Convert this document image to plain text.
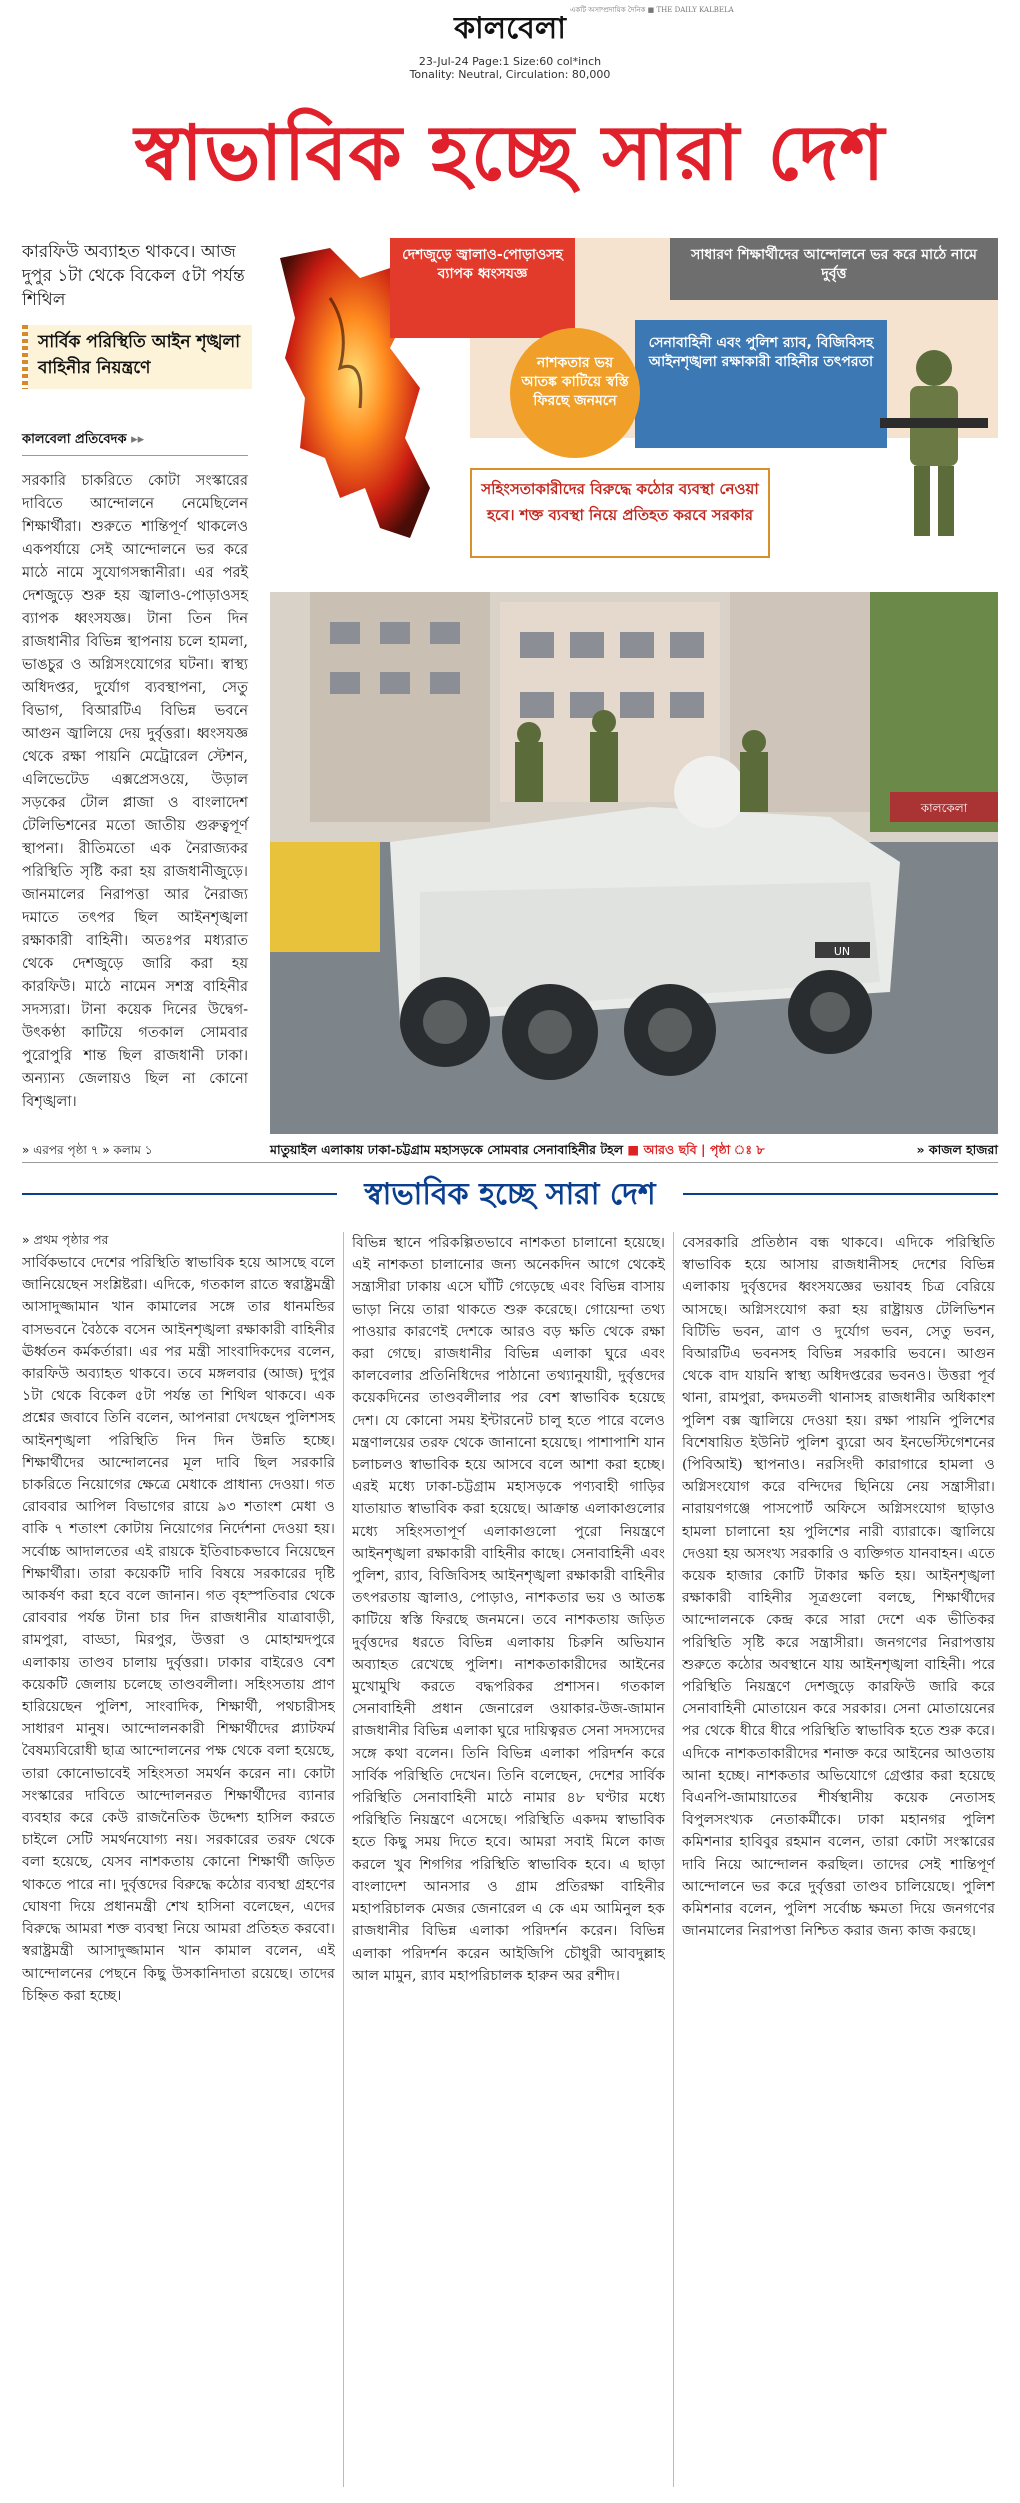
কালবেলা
একটি অসাম্প্রদায়িক দৈনিক ■ THE DAILY KALBELA
23-Jul-24 Page:1 Size:60 col*inch
Tonality: Neutral, Circulation: 80,000
স্বাভাবিক হচ্ছে সারা দেশ
কারফিউ অব্যাহত থাকবে। আজ দুপুর ১টা থেকে বিকেল ৫টা পর্যন্ত শিথিল
সার্বিক পরিস্থিতি আইন শৃঙ্খলা বাহিনীর নিয়ন্ত্রণে
কালবেলা প্রতিবেদক ▸▸
সরকারি চাকরিতে কোটা সংস্কারের দাবিতে আন্দোলনে নেমেছিলেন শিক্ষার্থীরা। শুরুতে শান্তিপূর্ণ থাকলেও একপর্যায়ে সেই আন্দোলনে ভর করে মাঠে নামে সুযোগসন্ধানীরা। এর পরই দেশজুড়ে শুরু হয় জ্বালাও-পোড়াওসহ ব্যাপক ধ্বংসযজ্ঞ। টানা তিন দিন রাজধানীর বিভিন্ন স্থাপনায় চলে হামলা, ভাঙচুর ও অগ্নিসংযোগের ঘটনা। স্বাস্থ্য অধিদপ্তর, দুর্যোগ ব্যবস্থাপনা, সেতু বিভাগ, বিআরটিএ বিভিন্ন ভবনে আগুন জ্বালিয়ে দেয় দুর্বৃত্তরা। ধ্বংসযজ্ঞ থেকে রক্ষা পায়নি মেট্রোরেল স্টেশন, এলিভেটেড এক্সপ্রেসওয়ে, উড়াল সড়কের টোল প্লাজা ও বাংলাদেশ টেলিভিশনের মতো জাতীয় গুরুত্বপূর্ণ স্থাপনা। রীতিমতো এক নৈরাজ্যকর পরিস্থিতি সৃষ্টি করা হয় রাজধানীজুড়ে। জানমালের নিরাপত্তা আর নৈরাজ্য দমাতে তৎপর ছিল আইনশৃঙ্খলা রক্ষাকারী বাহিনী। অতঃপর মধ্যরাত থেকে দেশজুড়ে জারি করা হয় কারফিউ। মাঠে নামেন সশস্ত্র বাহিনীর সদস্যরা। টানা কয়েক দিনের উদ্বেগ-উৎকণ্ঠা কাটিয়ে গতকাল সোমবার পুরোপুরি শান্ত ছিল রাজধানী ঢাকা। অন্যান্য জেলায়ও ছিল না কোনো বিশৃঙ্খলা।
দেশজুড়ে জ্বালাও-পোড়াওসহ ব্যাপক ধ্বংসযজ্ঞ
সাধারণ শিক্ষার্থীদের আন্দোলনে ভর করে মাঠে নামে দুর্বৃত্ত
সেনাবাহিনী এবং পুলিশ র‍্যাব, বিজিবিসহ আইনশৃঙ্খলা রক্ষাকারী বাহিনীর তৎপরতা
নাশকতার ভয় আতঙ্ক কাটিয়ে স্বস্তি ফিরছে জনমনে
সহিংসতাকারীদের বিরুদ্ধে কঠোর ব্যবস্থা নেওয়া হবে। শক্ত ব্যবস্থা নিয়ে প্রতিহত করবে সরকার
কালকেলা
UN
» এরপর পৃষ্ঠা ৭ » কলাম ১	মাতুয়াইল এলাকায় ঢাকা-চট্টগ্রাম মহাসড়কে সোমবার সেনাবাহিনীর টহল ■ আরও ছবি | পৃষ্ঠা ঃ ৮	» কাজল হাজরা
স্বাভাবিক হচ্ছে সারা দেশ
» প্রথম পৃষ্ঠার পর
সার্বিকভাবে দেশের পরিস্থিতি স্বাভাবিক হয়ে আসছে বলে জানিয়েছেন সংশ্লিষ্টরা। এদিকে, গতকাল রাতে স্বরাষ্ট্রমন্ত্রী আসাদুজ্জামান খান কামালের সঙ্গে তার ধানমন্ডির বাসভবনে বৈঠকে বসেন আইনশৃঙ্খলা রক্ষাকারী বাহিনীর ঊর্ধ্বতন কর্মকর্তারা। এর পর মন্ত্রী সাংবাদিকদের বলেন, কারফিউ অব্যাহত থাকবে। তবে মঙ্গলবার (আজ) দুপুর ১টা থেকে বিকেল ৫টা পর্যন্ত তা শিথিল থাকবে। এক প্রশ্নের জবাবে তিনি বলেন, আপনারা দেখছেন পুলিশসহ আইনশৃঙ্খলা পরিস্থিতি দিন দিন উন্নতি হচ্ছে। শিক্ষার্থীদের আন্দোলনের মূল দাবি ছিল সরকারি চাকরিতে নিয়োগের ক্ষেত্রে মেধাকে প্রাধান্য দেওয়া। গত রোববার আপিল বিভাগের রায়ে ৯৩ শতাংশ মেধা ও বাকি ৭ শতাংশ কোটায় নিয়োগের নির্দেশনা দেওয়া হয়। সর্বোচ্চ আদালতের এই রায়কে ইতিবাচকভাবে নিয়েছেন শিক্ষার্থীরা। তারা কয়েকটি দাবি বিষয়ে সরকারের দৃষ্টি আকর্ষণ করা হবে বলে জানান। গত বৃহস্পতিবার থেকে রোববার পর্যন্ত টানা চার দিন রাজধানীর যাত্রাবাড়ী, রামপুরা, বাড্ডা, মিরপুর, উত্তরা ও মোহাম্মদপুরে এলাকায় তাণ্ডব চালায় দুর্বৃত্তরা। ঢাকার বাইরেও বেশ কয়েকটি জেলায় চলেছে তাণ্ডবলীলা। সহিংসতায় প্রাণ হারিয়েছেন পুলিশ, সাংবাদিক, শিক্ষার্থী, পথচারীসহ সাধারণ মানুষ। আন্দোলনকারী শিক্ষার্থীদের প্ল্যাটফর্ম বৈষম্যবিরোধী ছাত্র আন্দোলনের পক্ষ থেকে বলা হয়েছে, তারা কোনোভাবেই সহিংসতা সমর্থন করেন না। কোটা সংস্কারের দাবিতে আন্দোলনরত শিক্ষার্থীদের ব্যানার ব্যবহার করে কেউ রাজনৈতিক উদ্দেশ্য হাসিল করতে চাইলে সেটি সমর্থনযোগ্য নয়। সরকারের তরফ থেকে বলা হয়েছে, যেসব নাশকতায় কোনো শিক্ষার্থী জড়িত থাকতে পারে না। দুর্বৃত্তদের বিরুদ্ধে কঠোর ব্যবস্থা গ্রহণের ঘোষণা দিয়ে প্রধানমন্ত্রী শেখ হাসিনা বলেছেন, এদের বিরুদ্ধে আমরা শক্ত ব্যবস্থা নিয়ে আমরা প্রতিহত করবো। স্বরাষ্ট্রমন্ত্রী আসাদুজ্জামান খান কামাল বলেন, এই আন্দোলনের পেছনে কিছু উসকানিদাতা রয়েছে। তাদের চিহ্নিত করা হচ্ছে।
বিভিন্ন স্থানে পরিকল্পিতভাবে নাশকতা চালানো হয়েছে। এই নাশকতা চালানোর জন্য অনেকদিন আগে থেকেই সন্ত্রাসীরা ঢাকায় এসে ঘাঁটি গেড়েছে এবং বিভিন্ন বাসায় ভাড়া নিয়ে তারা থাকতে শুরু করেছে। গোয়েন্দা তথ্য পাওয়ার কারণেই দেশকে আরও বড় ক্ষতি থেকে রক্ষা করা গেছে। রাজধানীর বিভিন্ন এলাকা ঘুরে এবং কালবেলার প্রতিনিধিদের পাঠানো তথ্যানুযায়ী, দুর্বৃত্তদের কয়েকদিনের তাণ্ডবলীলার পর বেশ স্বাভাবিক হয়েছে দেশ। যে কোনো সময় ইন্টারনেট চালু হতে পারে বলেও মন্ত্রণালয়ের তরফ থেকে জানানো হয়েছে। পাশাপাশি যান চলাচলও স্বাভাবিক হয়ে আসবে বলে আশা করা হচ্ছে। এরই মধ্যে ঢাকা-চট্টগ্রাম মহাসড়কে পণ্যবাহী গাড়ির যাতায়াত স্বাভাবিক করা হয়েছে। আক্রান্ত এলাকাগুলোর মধ্যে সহিংসতাপূর্ণ এলাকাগুলো পুরো নিয়ন্ত্রণে আইনশৃঙ্খলা রক্ষাকারী বাহিনীর কাছে। সেনাবাহিনী এবং পুলিশ, র‍্যাব, বিজিবিসহ আইনশৃঙ্খলা রক্ষাকারী বাহিনীর তৎপরতায় জ্বালাও, পোড়াও, নাশকতার ভয় ও আতঙ্ক কাটিয়ে স্বস্তি ফিরছে জনমনে। তবে নাশকতায় জড়িত দুর্বৃত্তদের ধরতে বিভিন্ন এলাকায় চিরুনি অভিযান অব্যাহত রেখেছে পুলিশ। নাশকতাকারীদের আইনের মুখোমুখি করতে বদ্ধপরিকর প্রশাসন। গতকাল সেনাবাহিনী প্রধান জেনারেল ওয়াকার-উজ-জামান রাজধানীর বিভিন্ন এলাকা ঘুরে দায়িত্বরত সেনা সদস্যদের সঙ্গে কথা বলেন। তিনি বিভিন্ন এলাকা পরিদর্শন করে সার্বিক পরিস্থিতি দেখেন। তিনি বলেছেন, দেশের সার্বিক পরিস্থিতি সেনাবাহিনী মাঠে নামার ৪৮ ঘণ্টার মধ্যে পরিস্থিতি নিয়ন্ত্রণে এসেছে। পরিস্থিতি একদম স্বাভাবিক হতে কিছু সময় দিতে হবে। আমরা সবাই মিলে কাজ করলে খুব শিগগির পরিস্থিতি স্বাভাবিক হবে। এ ছাড়া বাংলাদেশ আনসার ও গ্রাম প্রতিরক্ষা বাহিনীর মহাপরিচালক মেজর জেনারেল এ কে এম আমিনুল হক রাজধানীর বিভিন্ন এলাকা পরিদর্শন করেন। বিভিন্ন এলাকা পরিদর্শন করেন আইজিপি চৌধুরী আবদুল্লাহ আল মামুন, র‍্যাব মহাপরিচালক হারুন অর রশীদ।
বেসরকারি প্রতিষ্ঠান বন্ধ থাকবে। এদিকে পরিস্থিতি স্বাভাবিক হয়ে আসায় রাজধানীসহ দেশের বিভিন্ন এলাকায় দুর্বৃত্তদের ধ্বংসযজ্ঞের ভয়াবহ চিত্র বেরিয়ে আসছে। অগ্নিসংযোগ করা হয় রাষ্ট্রায়ত্ত টেলিভিশন বিটিভি ভবন, ত্রাণ ও দুর্যোগ ভবন, সেতু ভবন, বিআরটিএ ভবনসহ বিভিন্ন সরকারি ভবনে। আগুন থেকে বাদ যায়নি স্বাস্থ্য অধিদপ্তরের ভবনও। উত্তরা পূর্ব থানা, রামপুরা, কদমতলী থানাসহ রাজধানীর অধিকাংশ পুলিশ বক্স জ্বালিয়ে দেওয়া হয়। রক্ষা পায়নি পুলিশের বিশেষায়িত ইউনিট পুলিশ ব্যুরো অব ইনভেস্টিগেশনের (পিবিআই) স্থাপনাও। নরসিংদী কারাগারে হামলা ও অগ্নিসংযোগ করে বন্দিদের ছিনিয়ে নেয় সন্ত্রাসীরা। নারায়ণগঞ্জে পাসপোর্ট অফিসে অগ্নিসংযোগ ছাড়াও হামলা চালানো হয় পুলিশের নারী ব্যারাকে। জ্বালিয়ে দেওয়া হয় অসংখ্য সরকারি ও ব্যক্তিগত যানবাহন। এতে কয়েক হাজার কোটি টাকার ক্ষতি হয়। আইনশৃঙ্খলা রক্ষাকারী বাহিনীর সূত্রগুলো বলছে, শিক্ষার্থীদের আন্দোলনকে কেন্দ্র করে সারা দেশে এক ভীতিকর পরিস্থিতি সৃষ্টি করে সন্ত্রাসীরা। জনগণের নিরাপত্তায় শুরুতে কঠোর অবস্থানে যায় আইনশৃঙ্খলা বাহিনী। পরে পরিস্থিতি নিয়ন্ত্রণে দেশজুড়ে কারফিউ জারি করে সেনাবাহিনী মোতায়েন করে সরকার। সেনা মোতায়েনের পর থেকে ধীরে ধীরে পরিস্থিতি স্বাভাবিক হতে শুরু করে। এদিকে নাশকতাকারীদের শনাক্ত করে আইনের আওতায় আনা হচ্ছে। নাশকতার অভিযোগে গ্রেপ্তার করা হয়েছে বিএনপি-জামায়াতের শীর্ষস্থানীয় কয়েক নেতাসহ বিপুলসংখ্যক নেতাকর্মীকে। ঢাকা মহানগর পুলিশ কমিশনার হাবিবুর রহমান বলেন, তারা কোটা সংস্কারের দাবি নিয়ে আন্দোলন করছিল। তাদের সেই শান্তিপূর্ণ আন্দোলনে ভর করে দুর্বৃত্তরা তাণ্ডব চালিয়েছে। পুলিশ কমিশনার বলেন, পুলিশ সর্বোচ্চ ক্ষমতা দিয়ে জনগণের জানমালের নিরাপত্তা নিশ্চিত করার জন্য কাজ করছে।
